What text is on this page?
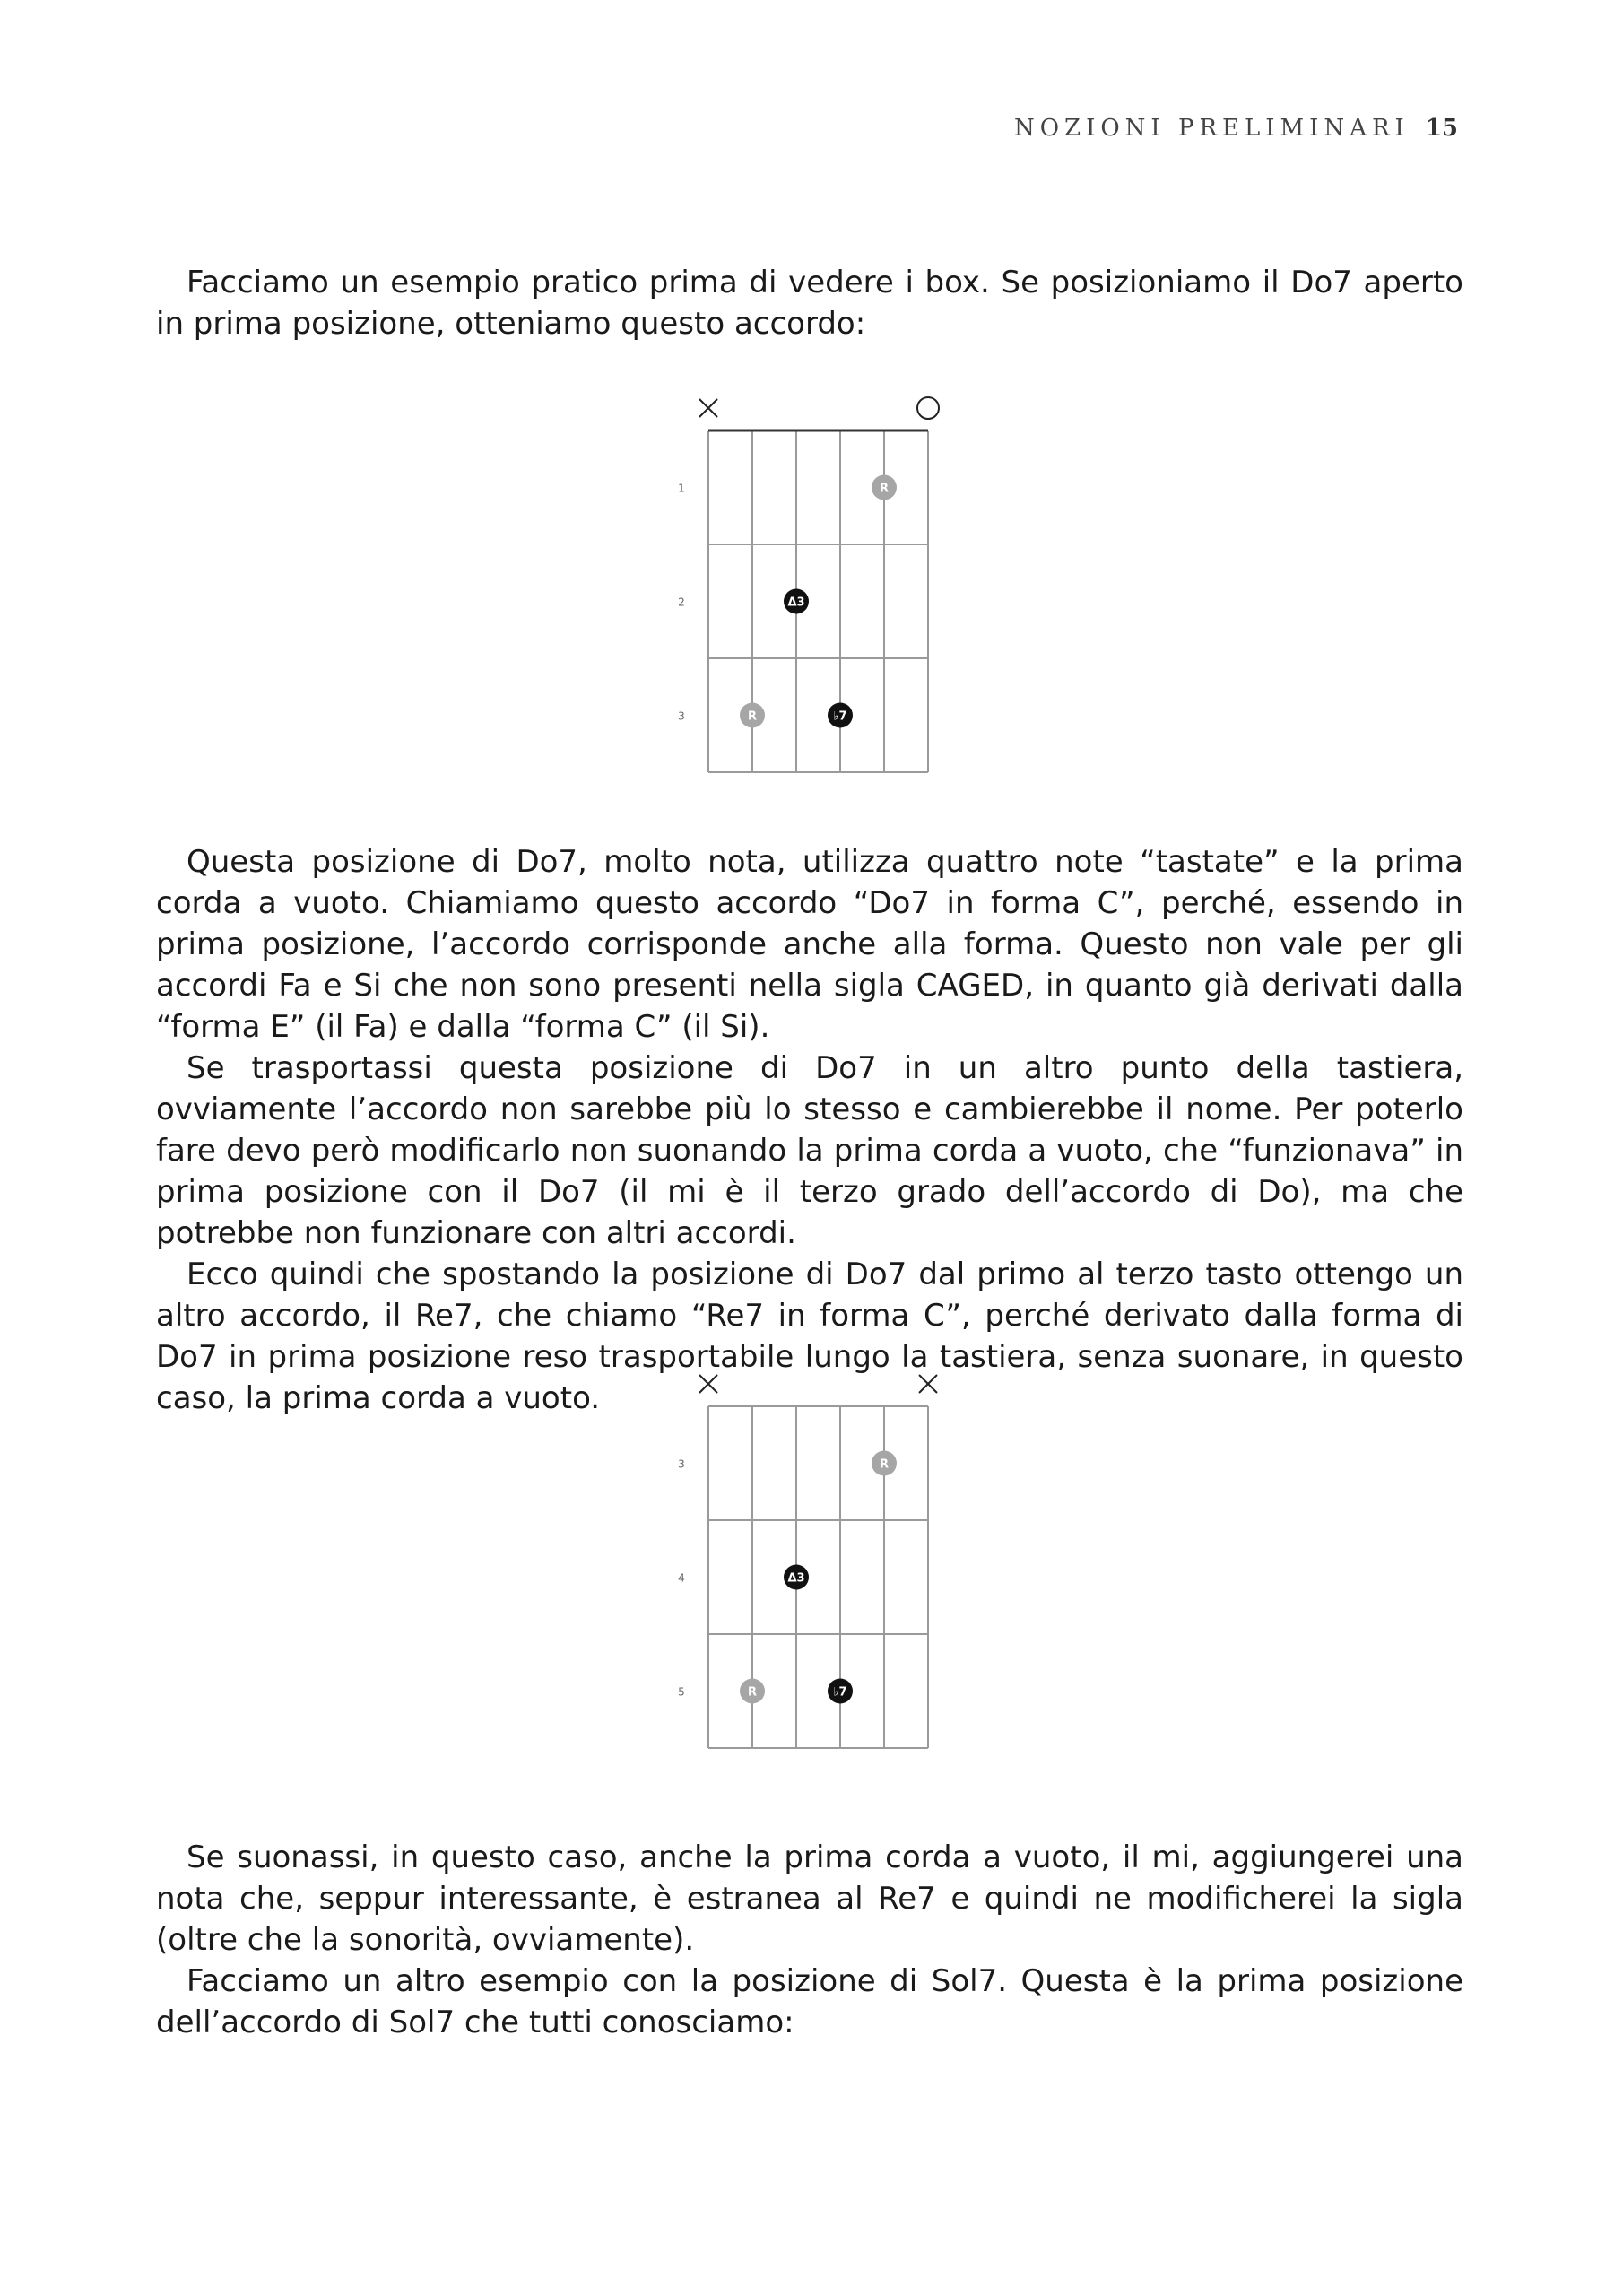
NOZIONI PRELIMINARI 15

Facciamo un esempio pratico prima di vedere i box. Se posizioniamo il Do7 aperto in prima posizione, otteniamo questo accordo:

1
2
3
R
Δ3
R	♭7

Questa posizione di Do7, molto nota, utilizza quattro note “tastate” e la prima corda a vuoto. Chiamiamo questo accordo “Do7 in forma C”, perché, essendo in prima posizione, l’accordo corrisponde anche alla forma. Questo non vale per gli accordi Fa e Si che non sono presenti nella sigla CAGED, in quanto già derivati dalla “forma E” (il Fa) e dalla “forma C” (il Si).

Se trasportassi questa posizione di Do7 in un altro punto della tastiera, ovviamente l’accordo non sarebbe più lo stesso e cambierebbe il nome. Per poterlo fare devo però modificarlo non suonando la prima corda a vuoto, che “funzionava” in prima posizione con il Do7 (il mi è il terzo grado dell’accordo di Do), ma che potrebbe non funzionare con altri accordi.

Ecco quindi che spostando la posizione di Do7 dal primo al terzo tasto ottengo un altro accordo, il Re7, che chiamo “Re7 in forma C”, perché derivato dalla forma di Do7 in prima posizione reso trasportabile lungo la tastiera, senza suonare, in questo caso, la prima corda a vuoto.

3
4
5
R
Δ3
R	♭7

Se suonassi, in questo caso, anche la prima corda a vuoto, il mi, aggiungerei una nota che, seppur interessante, è estranea al Re7 e quindi ne modificherei la sigla (oltre che la sonorità, ovviamente).

Facciamo un altro esempio con la posizione di Sol7. Questa è la prima posizione dell’accordo di Sol7 che tutti conosciamo:
